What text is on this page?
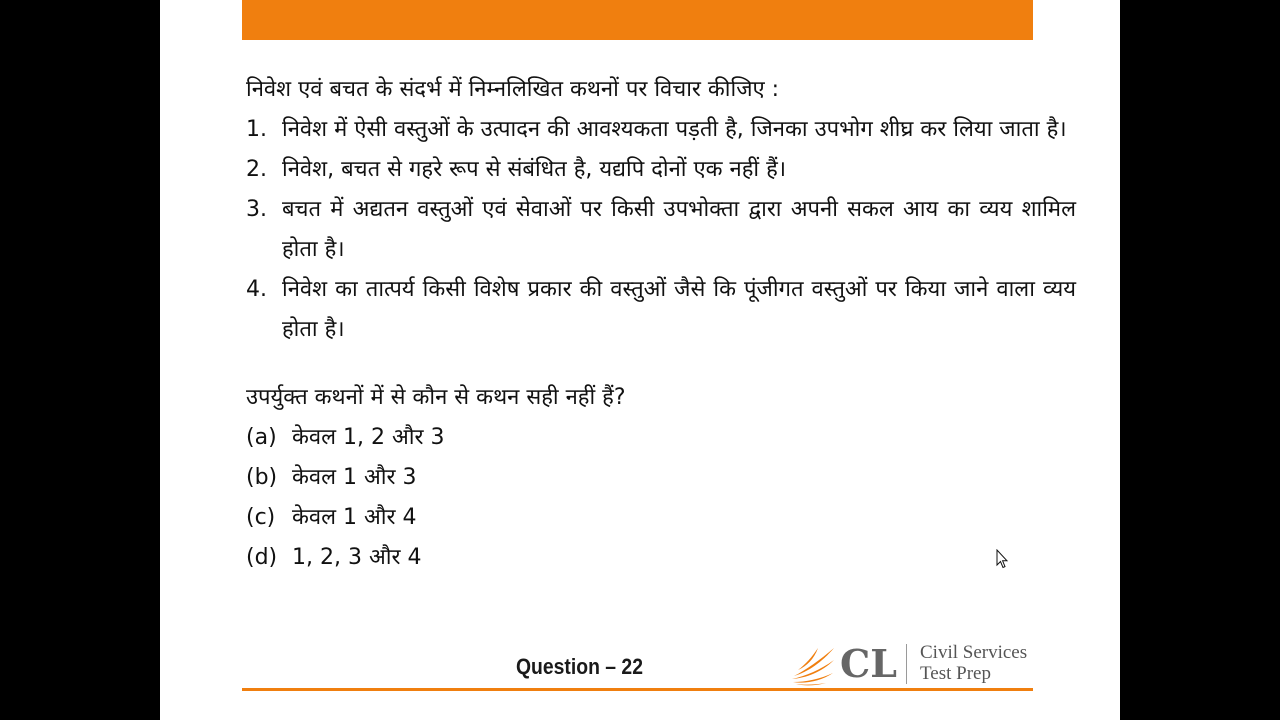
निवेश एवं बचत के संदर्भ में निम्नलिखित कथनों पर विचार कीजिए :

1. निवेश में ऐसी वस्तुओं के उत्पादन की आवश्यकता पड़ती है, जिनका उपभोग शीघ्र कर लिया जाता है।
2. निवेश, बचत से गहरे रूप से संबंधित है, यद्यपि दोनों एक नहीं हैं।
3. बचत में अद्यतन वस्तुओं एवं सेवाओं पर किसी उपभोक्ता द्वारा अपनी सकल आय का व्यय शामिल होता है।
4. निवेश का तात्पर्य किसी विशेष प्रकार की वस्तुओं जैसे कि पूंजीगत वस्तुओं पर किया जाने वाला व्यय होता है।

उपर्युक्त कथनों में से कौन से कथन सही नहीं हैं?

(a) केवल 1, 2 और 3
(b) केवल 1 और 3
(c) केवल 1 और 4
(d) 1, 2, 3 और 4
Question – 22	CL Civil Services
Test Prep
